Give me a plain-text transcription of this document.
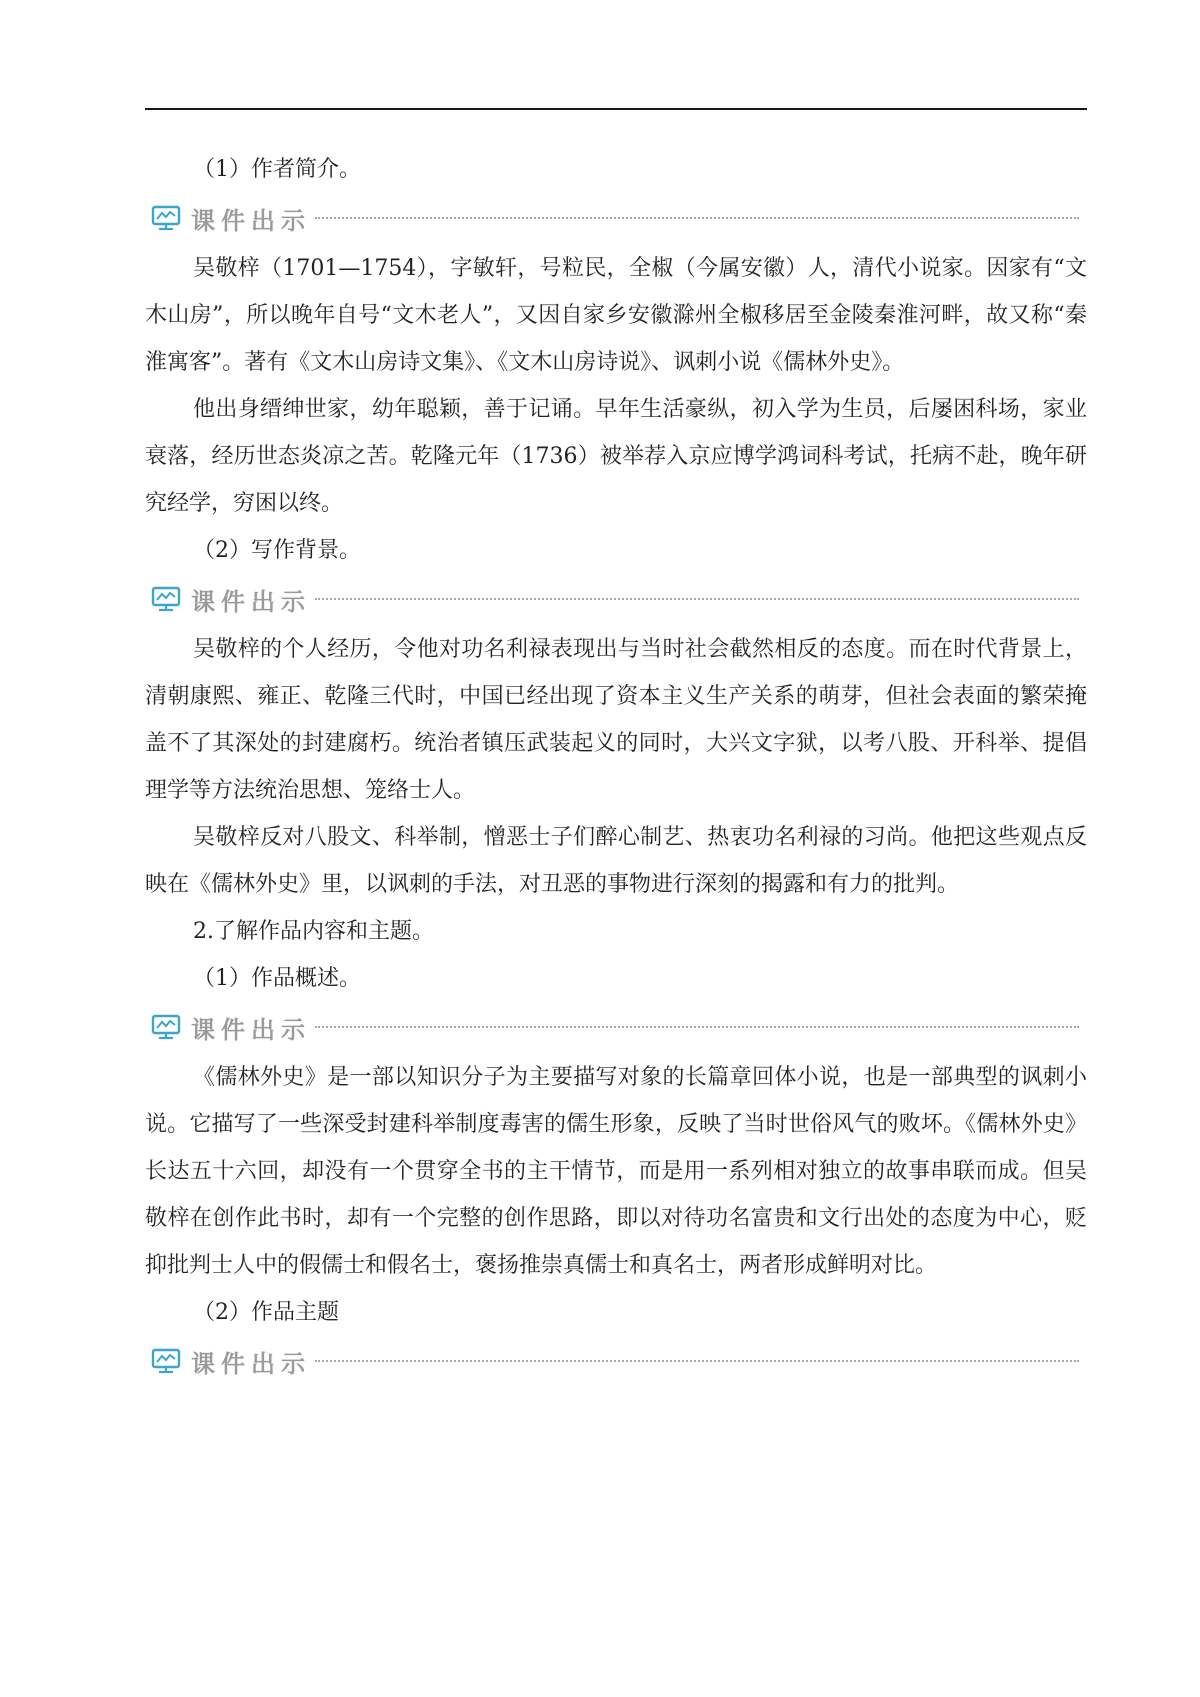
（1）作者简介。

课件出示

吴敬梓（1701—1754），字敏轩，号粒民，全椒（今属安徽）人，清代小说家。因家有“文木山房”，所以晚年自号“文木老人”，又因自家乡安徽滁州全椒移居至金陵秦淮河畔，故又称“秦淮寓客”。著有《文木山房诗文集》、《文木山房诗说》、讽刺小说《儒林外史》。

他出身缙绅世家，幼年聪颖，善于记诵。早年生活豪纵，初入学为生员，后屡困科场，家业衰落，经历世态炎凉之苦。乾隆元年（1736）被举荐入京应博学鸿词科考试，托病不赴，晚年研究经学，穷困以终。

（2）写作背景。

课件出示

吴敬梓的个人经历，令他对功名利禄表现出与当时社会截然相反的态度。而在时代背景上，清朝康熙、雍正、乾隆三代时，中国已经出现了资本主义生产关系的萌芽，但社会表面的繁荣掩盖不了其深处的封建腐朽。统治者镇压武装起义的同时，大兴文字狱，以考八股、开科举、提倡理学等方法统治思想、笼络士人。

吴敬梓反对八股文、科举制，憎恶士子们醉心制艺、热衷功名利禄的习尚。他把这些观点反映在《儒林外史》里，以讽刺的手法，对丑恶的事物进行深刻的揭露和有力的批判。

2.了解作品内容和主题。

（1）作品概述。

课件出示

《儒林外史》是一部以知识分子为主要描写对象的长篇章回体小说，也是一部典型的讽刺小说。它描写了一些深受封建科举制度毒害的儒生形象，反映了当时世俗风气的败坏。《儒林外史》长达五十六回，却没有一个贯穿全书的主干情节，而是用一系列相对独立的故事串联而成。但吴敬梓在创作此书时，却有一个完整的创作思路，即以对待功名富贵和文行出处的态度为中心，贬抑批判士人中的假儒士和假名士，褒扬推崇真儒士和真名士，两者形成鲜明对比。

（2）作品主题

课件出示
